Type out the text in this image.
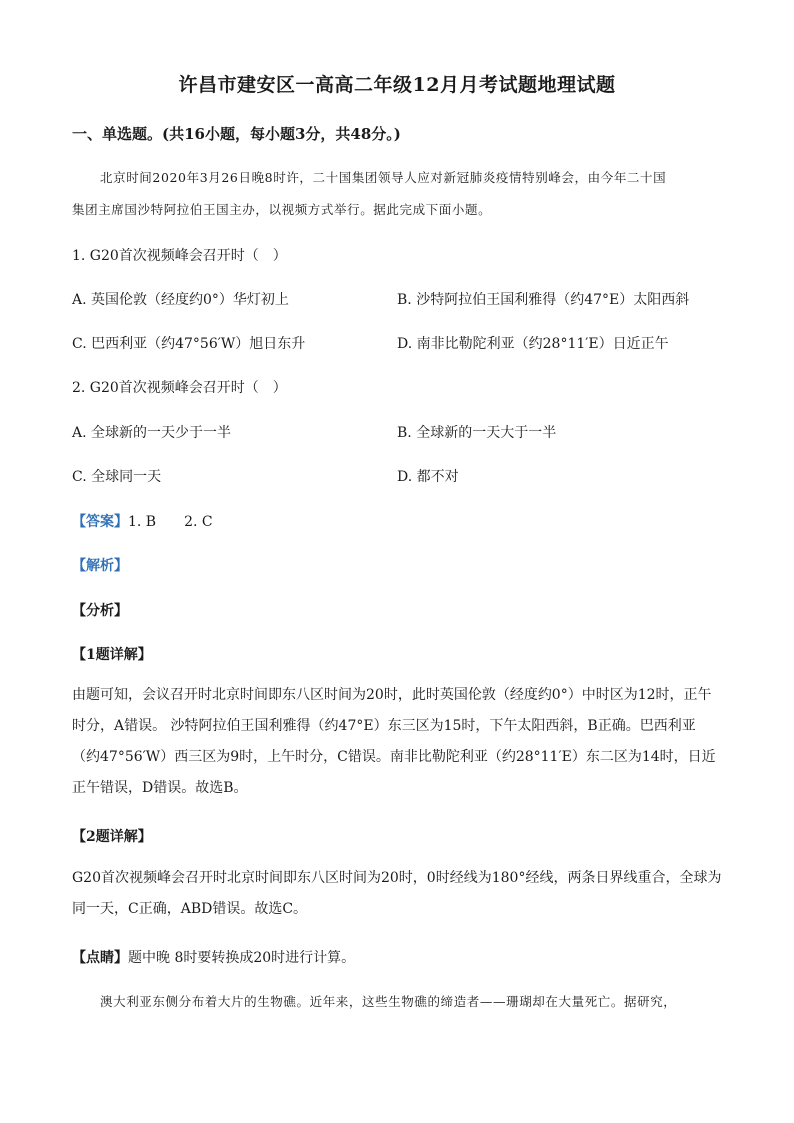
许昌市建安区一高高二年级12月月考试题地理试题
一、单选题。(共16小题，每小题3分，共48分。)
北京时间2020年3月26日晚8时许，二十国集团领导人应对新冠肺炎疫情特别峰会，由今年二十国
集团主席国沙特阿拉伯王国主办，以视频方式举行。据此完成下面小题。
1. G20首次视频峰会召开时（　）
A. 英国伦敦（经度约0°）华灯初上	B. 沙特阿拉伯王国利雅得（约47°E）太阳西斜
C. 巴西利亚（约47°56′W）旭日东升	D. 南非比勒陀利亚（约28°11′E）日近正午
2. G20首次视频峰会召开时（　）
A. 全球新的一天少于一半	B. 全球新的一天大于一半
C. 全球同一天	D. 都不对
【答案】1. B　　2. C
【解析】
【分析】
【1题详解】

由题可知，会议召开时北京时间即东八区时间为20时，此时英国伦敦（经度约0°）中时区为12时，正午

时分，A错误。 沙特阿拉伯王国利雅得（约47°E）东三区为15时，下午太阳西斜，B正确。巴西利亚

（约47°56′W）西三区为9时，上午时分，C错误。南非比勒陀利亚（约28°11′E）东二区为14时，日近

正午错误，D错误。故选B。

【2题详解】

G20首次视频峰会召开时北京时间即东八区时间为20时，0时经线为180°经线，两条日界线重合，全球为

同一天，C正确，ABD错误。故选C。

【点睛】题中晚 8时要转换成20时进行计算。
澳大利亚东侧分布着大片的生物礁。近年来，这些生物礁的缔造者——珊瑚却在大量死亡。据研究，
